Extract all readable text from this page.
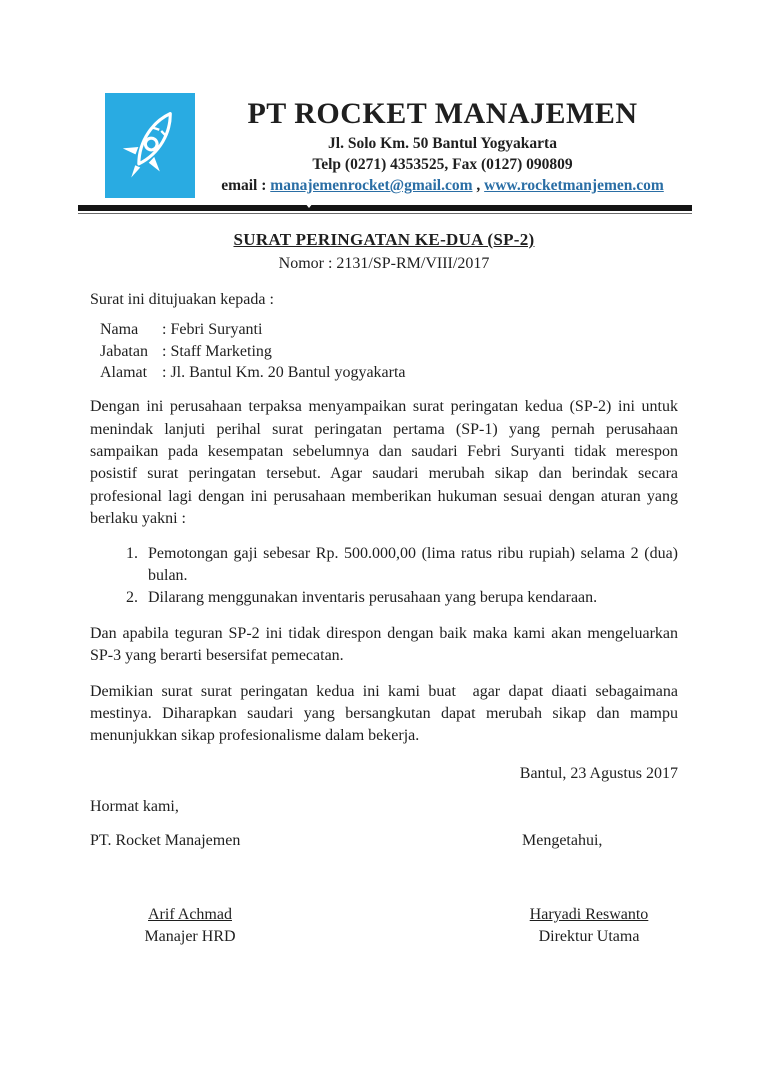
PT ROCKET MANAJEMEN
Jl. Solo Km. 50 Bantul Yogyakarta
Telp (0271) 4353525, Fax (0127) 090809
email : manajemenrocket@gmail.com , www.rocketmanjemen.com
SURAT PERINGATAN KE-DUA (SP-2)
Nomor : 2131/SP-RM/VIII/2017
Surat ini ditujuakan kepada :
Nama	: Febri Suryanti
Jabatan : Staff Marketing
Alamat : Jl. Bantul Km. 20 Bantul yogyakarta
Dengan ini perusahaan terpaksa menyampaikan surat peringatan kedua (SP-2) ini untuk menindak lanjuti perihal surat peringatan pertama (SP-1) yang pernah perusahaan sampaikan pada kesempatan sebelumnya dan saudari Febri Suryanti tidak merespon posistif surat peringatan tersebut. Agar saudari merubah sikap dan berindak secara profesional lagi dengan ini perusahaan memberikan hukuman sesuai dengan aturan yang berlaku yakni :
1. Pemotongan gaji sebesar Rp. 500.000,00 (lima ratus ribu rupiah) selama 2 (dua) bulan.
2. Dilarang menggunakan inventaris perusahaan yang berupa kendaraan.
Dan apabila teguran SP-2 ini tidak direspon dengan baik maka kami akan mengeluarkan SP-3 yang berarti besersifat pemecatan.
Demikian surat surat peringatan kedua ini kami buat  agar dapat diaati sebagaimana mestinya. Diharapkan saudari yang bersangkutan dapat merubah sikap dan mampu menunjukkan sikap profesionalisme dalam bekerja.
Bantul, 23 Agustus 2017
Hormat kami,
PT. Rocket Manajemen	Mengetahui,
Arif Achmad
Manajer HRD
Haryadi Reswanto
Direktur Utama
